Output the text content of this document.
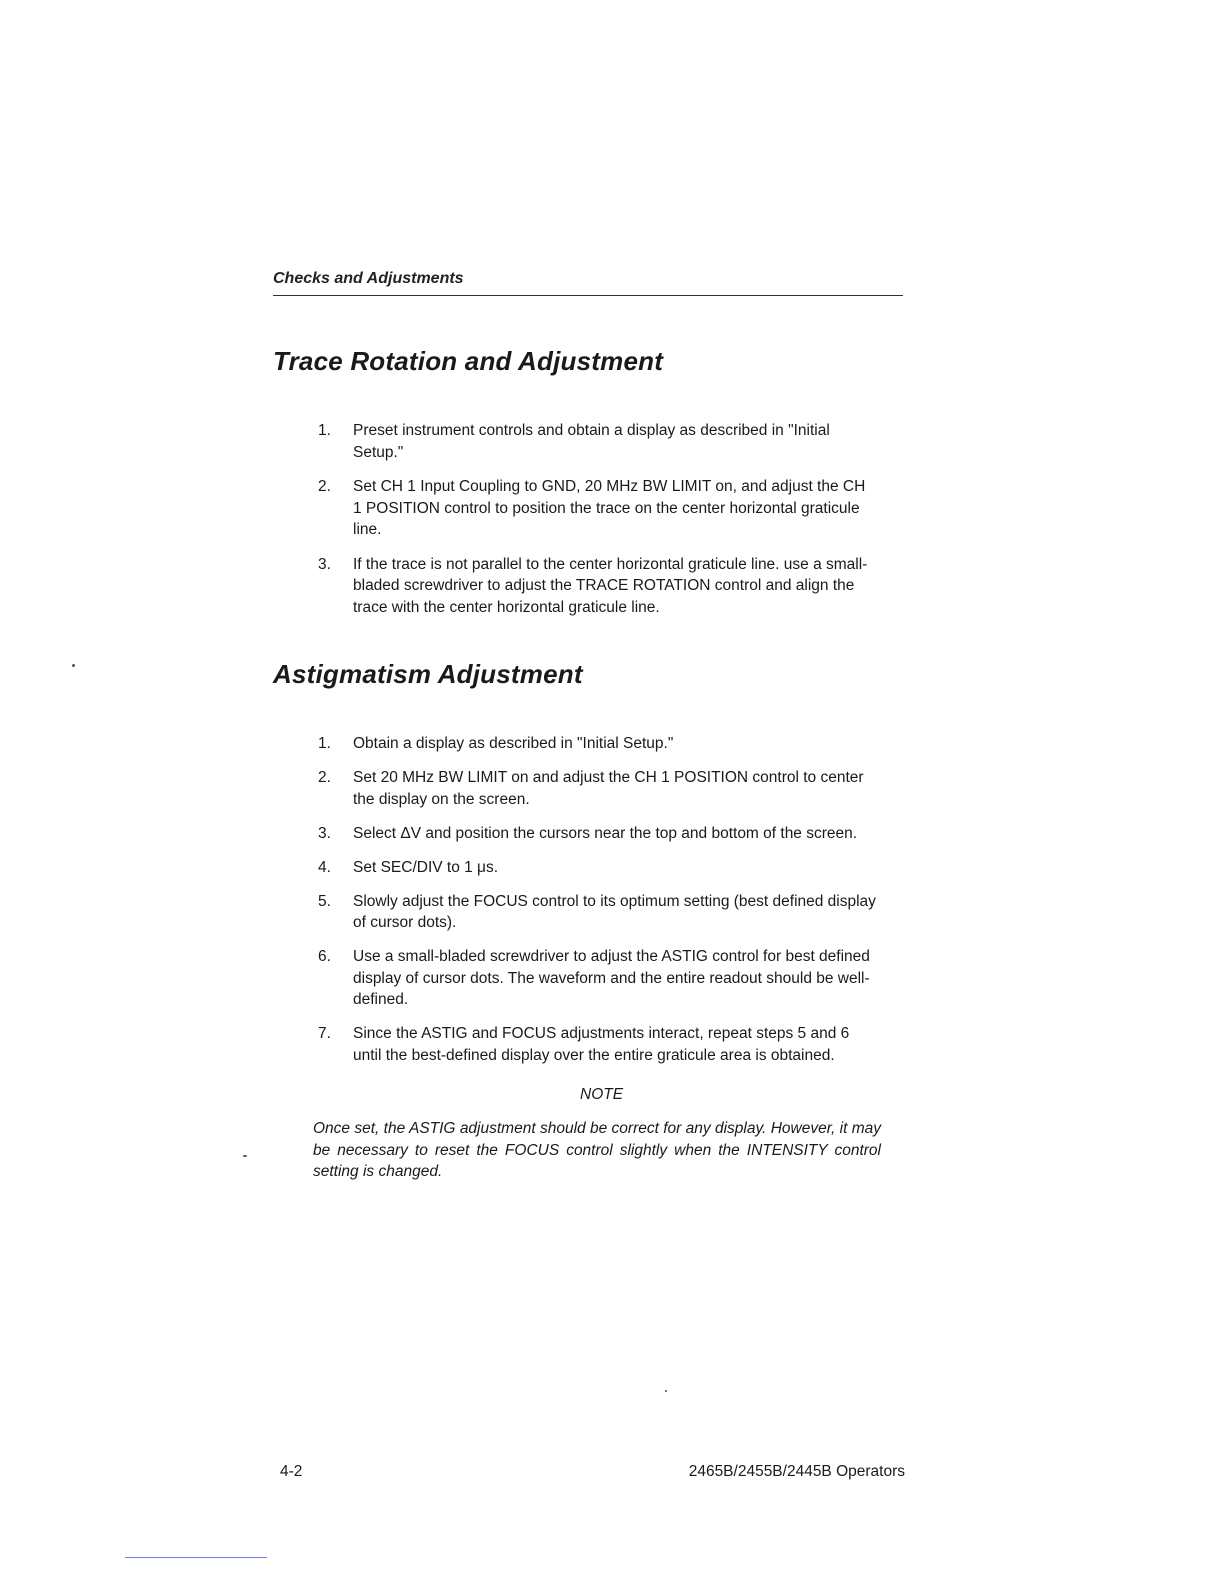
Checks and Adjustments
Trace Rotation and Adjustment
1. Preset instrument controls and obtain a display as described in "Initial Setup."
2. Set CH 1 Input Coupling to GND, 20 MHz BW LIMIT on, and adjust the CH 1 POSITION control to position the trace on the center horizontal graticule line.
3. If the trace is not parallel to the center horizontal graticule line. use a small-bladed screwdriver to adjust the TRACE ROTATION control and align the trace with the center horizontal graticule line.
Astigmatism Adjustment
1. Obtain a display as described in "Initial Setup."
2. Set 20 MHz BW LIMIT on and adjust the CH 1 POSITION control to center the display on the screen.
3. Select ΔV and position the cursors near the top and bottom of the screen.
4. Set SEC/DIV to 1 μs.
5. Slowly adjust the FOCUS control to its optimum setting (best defined display of cursor dots).
6. Use a small-bladed screwdriver to adjust the ASTIG control for best defined display of cursor dots. The waveform and the entire readout should be well-defined.
7. Since the ASTIG and FOCUS adjustments interact, repeat steps 5 and 6 until the best-defined display over the entire graticule area is obtained.
NOTE
Once set, the ASTIG adjustment should be correct for any display. However, it may be necessary to reset the FOCUS control slightly when the INTENSITY control setting is changed.
4-2	2465B/2455B/2445B Operators
